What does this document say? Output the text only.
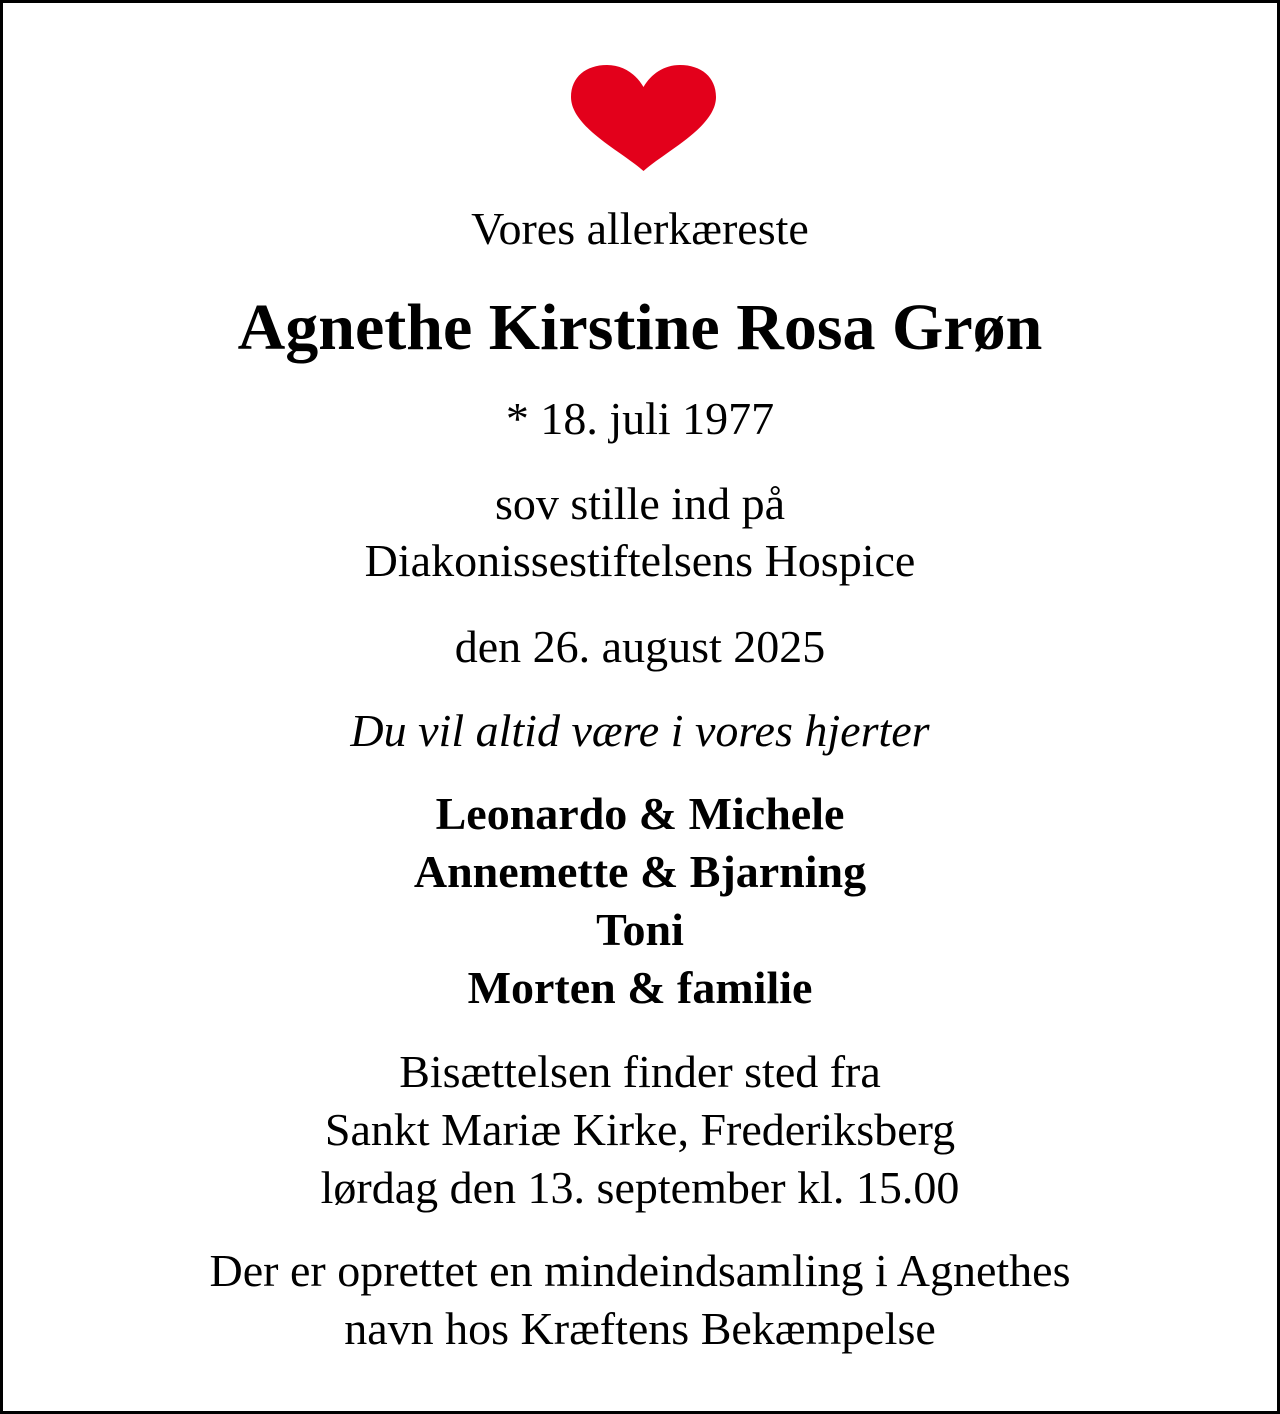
Vores allerkæreste
Agnethe Kirstine Rosa Grøn
* 18. juli 1977
sov stille ind på
Diakonissestiftelsens Hospice
den 26. august 2025
Du vil altid være i vores hjerter
Leonardo & Michele
Annemette & Bjarning
Toni
Morten & familie
Bisættelsen finder sted fra
Sankt Mariæ Kirke, Frederiksberg
lørdag den 13. september kl. 15.00
Der er oprettet en mindeindsamling i Agnethes
navn hos Kræftens Bekæmpelse
